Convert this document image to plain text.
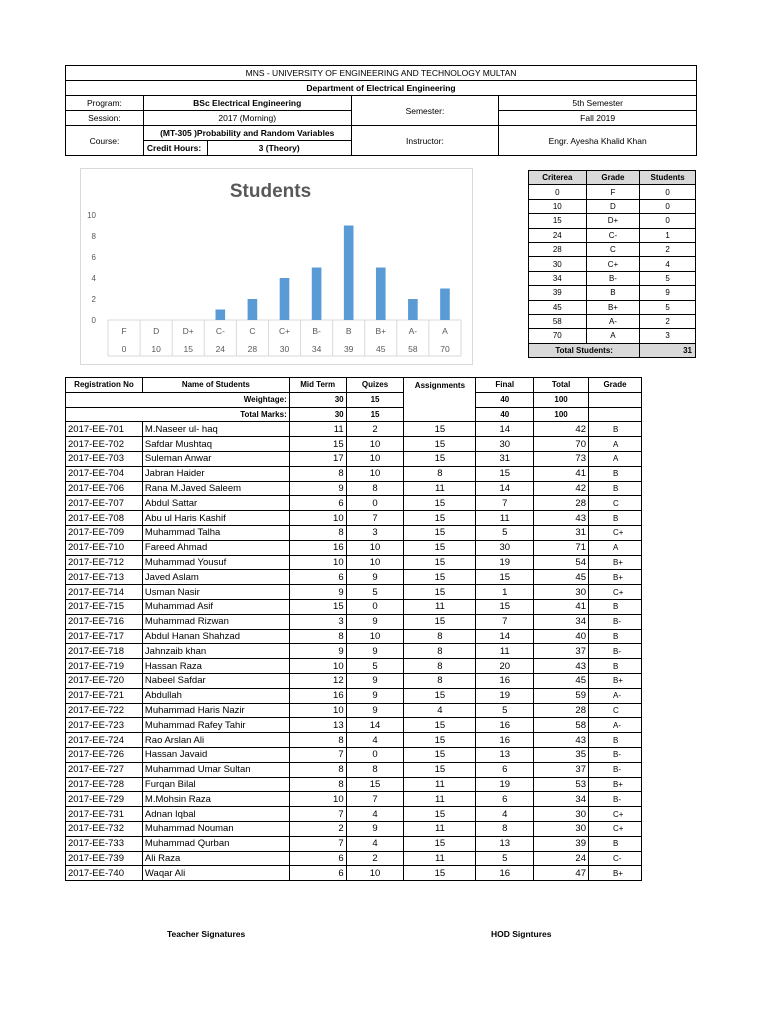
MNS - UNIVERSITY OF ENGINEERING AND TECHNOLOGY MULTAN				
Department of Electrical Engineering				
Program:	BSc Electrical Engineering		Semester:	5th Semester
Session:	2017 (Morning)			Fall 2019
Course:	(MT-305 )Probability and Random Variables		Instructor:	Engr. Ayesha Khalid Khan
	Credit Hours:	3 (Theory)		
Students
0
2
4
6
8
10
F
0
D
10
D+
15
C-
24
C
28
C+
30
B-
34
B
39
B+
45
A-
58
A
70
Criterea	Grade	Students
0	F	0
10	D	0
15	D+	0
24	C-	1
28	C	2
30	C+	4
34	B-	5
39	B	9
45	B+	5
58	A-	2
70	A	3
Total Students:		31
Registration No	Name of Students	Mid Term	Quizes	Assignments	Final	Total	Grade
Weightage:		30	15		40	100	
Total Marks:		30	15		40	100	
2017-EE-701	M.Naseer ul- haq	11	2	15	14	42	B
2017-EE-702	Safdar Mushtaq	15	10	15	30	70	A
2017-EE-703	Suleman Anwar	17	10	15	31	73	A
2017-EE-704	Jabran Haider	8	10	8	15	41	B
2017-EE-706	Rana M.Javed Saleem	9	8	11	14	42	B
2017-EE-707	Abdul Sattar	6	0	15	7	28	C
2017-EE-708	Abu ul Haris Kashif	10	7	15	11	43	B
2017-EE-709	Muhammad Talha	8	3	15	5	31	C+
2017-EE-710	Fareed Ahmad	16	10	15	30	71	A
2017-EE-712	Muhammad Yousuf	10	10	15	19	54	B+
2017-EE-713	Javed Aslam	6	9	15	15	45	B+
2017-EE-714	Usman Nasir	9	5	15	1	30	C+
2017-EE-715	Muhammad Asif	15	0	11	15	41	B
2017-EE-716	Muhammad Rizwan	3	9	15	7	34	B-
2017-EE-717	Abdul Hanan Shahzad	8	10	8	14	40	B
2017-EE-718	Jahnzaib khan	9	9	8	11	37	B-
2017-EE-719	Hassan Raza	10	5	8	20	43	B
2017-EE-720	Nabeel Safdar	12	9	8	16	45	B+
2017-EE-721	Abdullah	16	9	15	19	59	A-
2017-EE-722	Muhammad Haris Nazir	10	9	4	5	28	C
2017-EE-723	Muhammad Rafey Tahir	13	14	15	16	58	A-
2017-EE-724	Rao Arslan Ali	8	4	15	16	43	B
2017-EE-726	Hassan Javaid	7	0	15	13	35	B-
2017-EE-727	Muhammad Umar Sultan	8	8	15	6	37	B-
2017-EE-728	Furqan Bilal	8	15	11	19	53	B+
2017-EE-729	M.Mohsin Raza	10	7	11	6	34	B-
2017-EE-731	Adnan Iqbal	7	4	15	4	30	C+
2017-EE-732	Muhammad Nouman	2	9	11	8	30	C+
2017-EE-733	Muhammad Qurban	7	4	15	13	39	B
2017-EE-739	Ali Raza	6	2	11	5	24	C-
2017-EE-740	Waqar Ali	6	10	15	16	47	B+
Teacher Signatures	HOD Signtures
